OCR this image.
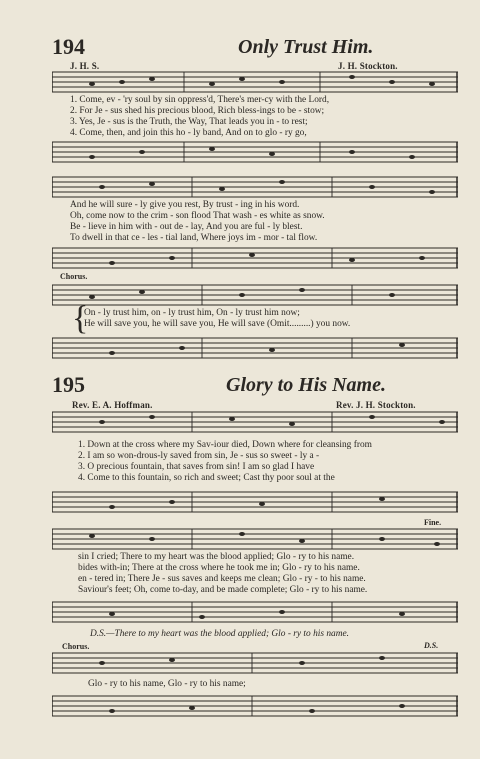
194	Only Trust Him.
J. H. S.	J. H. Stockton.
1. Come, ev - 'ry soul by sin oppress'd, There's mer-cy with the Lord,
2. For Je - sus shed his precious blood, Rich bless-ings to be - stow;
3. Yes, Je - sus is the Truth, the Way, That leads you in - to rest;
4. Come, then, and join this ho - ly band, And on to glo - ry go,
And he will sure - ly give you rest, By trust - ing in his word.
Oh, come now to the crim - son flood That wash - es white as snow.
Be - lieve in him with - out de - lay, And you are ful - ly blest.
To dwell in that ce - les - tial land, Where joys im - mor - tal flow.
Chorus.
{
On - ly trust him, on - ly trust him, On - ly trust him now;
He will save you, he will save you, He will save (Omit.........) you now.
195	Glory to His Name.
Rev. E. A. Hoffman.	Rev. J. H. Stockton.
1. Down at the cross where my Sav-iour died, Down where for cleansing from
2. I am so won-drous-ly saved from sin, Je - sus so sweet - ly a -
3. O precious fountain, that saves from sin! I am so glad I have
4. Come to this fountain, so rich and sweet; Cast thy poor soul at the
Fine.
sin I cried; There to my heart was the blood applied; Glo - ry to his name.
bides with-in; There at the cross where he took me in; Glo - ry to his name.
en - tered in; There Je - sus saves and keeps me clean; Glo - ry - to his name.
Saviour's feet; Oh, come to-day, and be made complete; Glo - ry to his name.
D.S.—There to my heart was the blood applied; Glo - ry to his name.
Chorus.	D.S.
Glo - ry to his name, Glo - ry to his name;
